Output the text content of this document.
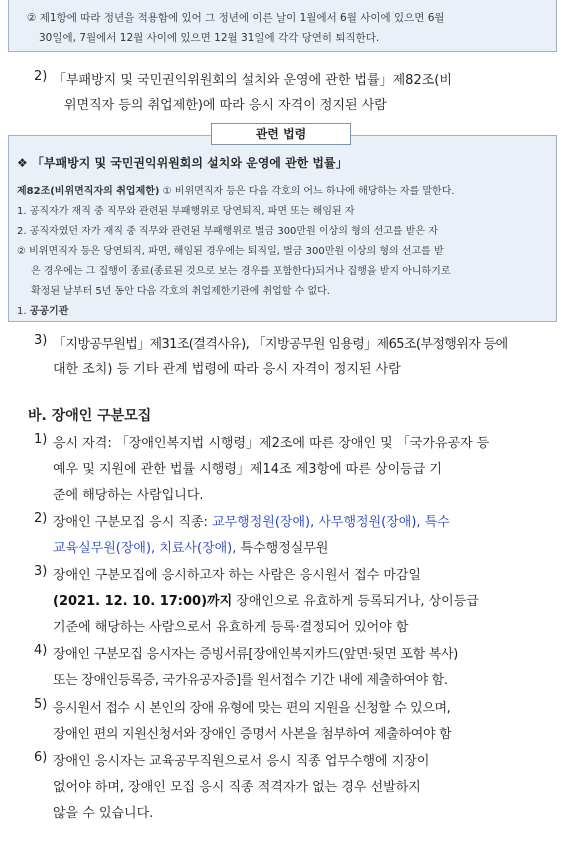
② 제1항에 따라 정년을 적용함에 있어 그 정년에 이른 날이 1월에서 6월 사이에 있으면 6월
30일에, 7월에서 12월 사이에 있으면 12월 31일에 각각 당연히 퇴직한다.
2) 「부패방지 및 국민권익위원회의 설치와 운영에 관한 법률」제82조(비
위면직자 등의 취업제한)에 따라 응시 자격이 정지된 사람
❖ 「부패방지 및 국민권익위원회의 설치와 운영에 관한 법률」
제82조(비위면직자의 취업제한) ① 비위면직자 등은 다음 각호의 어느 하나에 해당하는 자를 말한다.
1. 공직자가 재직 중 직무와 관련된 부패행위로 당연퇴직, 파면 또는 해임된 자
2. 공직자였던 자가 재직 중 직무와 관련된 부패행위로 벌금 300만원 이상의 형의 선고를 받은 자
② 비위면직자 등은 당연퇴직, 파면, 해임된 경우에는 퇴직일, 벌금 300만원 이상의 형의 선고를 받
은 경우에는 그 집행이 종료(종료된 것으로 보는 경우를 포함한다)되거나 집행을 받지 아니하기로
확정된 날부터 5년 동안 다음 각호의 취업제한기관에 취업할 수 없다.
1. 공공기관
관련 법령
3) 「지방공무원법」제31조(결격사유), 「지방공무원 임용령」제65조(부정행위자 등에
대한 조치) 등 기타 관계 법령에 따라 응시 자격이 정지된 사람
바. 장애인 구분모집
1) 응시 자격: 「장애인복지법 시행령」제2조에 따른 장애인 및 「국가유공자 등
예우 및 지원에 관한 법률 시행령」제14조 제3항에 따른 상이등급 기
준에 해당하는 사람입니다.
2) 장애인 구분모집 응시 직종: 교무행정원(장애), 사무행정원(장애), 특수
교육실무원(장애), 치료사(장애), 특수행정실무원
3) 장애인 구분모집에 응시하고자 하는 사람은 응시원서 접수 마감일
(2021. 12. 10. 17:00)까지 장애인으로 유효하게 등록되거나, 상이등급
기준에 해당하는 사람으로서 유효하게 등록·결정되어 있어야 함
4) 장애인 구분모집 응시자는 증빙서류[장애인복지카드(앞면·뒷면 포함 복사)
또는 장애인등록증, 국가유공자증]를 원서접수 기간 내에 제출하여야 함.
5) 응시원서 접수 시 본인의 장애 유형에 맞는 편의 지원을 신청할 수 있으며,
장애인 편의 지원신청서와 장애인 증명서 사본을 첨부하여 제출하여야 함
6) 장애인 응시자는 교육공무직원으로서 응시 직종 업무수행에 지장이
없어야 하며, 장애인 모집 응시 직종 적격자가 없는 경우 선발하지
않을 수 있습니다.
